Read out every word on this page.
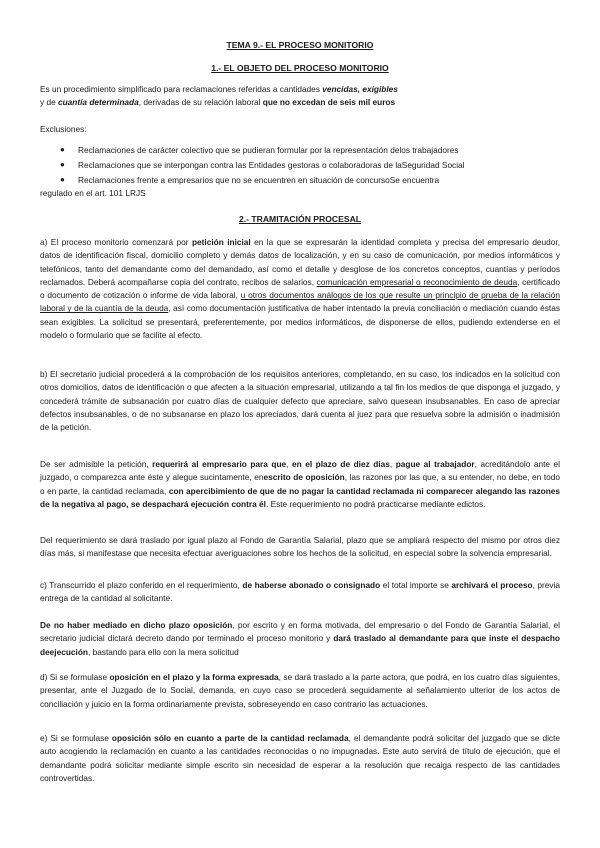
TEMA 9.- EL PROCESO MONITORIO
1.- EL OBJETO DEL PROCESO MONITORIO
Es un procedimiento simplificado para reclamaciones referidas a cantidades vencidas, exigibles
y de cuantía determinada, derivadas de su relación laboral que no excedan de seis mil euros
Exclusiones:
● Reclamaciones de carácter colectivo que se pudieran formular por la representación delos trabajadores
● Reclamaciones que se interpongan contra las Entidades gestoras o colaboradoras de laSeguridad Social
● Reclamaciones frente a empresarios que no se encuentren en situación de concursoSe encuentra
regulado en el art. 101 LRJS
2.- TRAMITACIÓN PROCESAL
a) El proceso monitorio comenzará por petición inicial en la que se expresarán la identidad completa y precisa del empresario deudor, datos de identificación fiscal, domicilio completo y demás datos de localización, y en su caso de comunicación, por medios informáticos y telefónicos, tanto del demandante como del demandado, así como el detalle y desglose de los concretos conceptos, cuantías y períodos reclamados. Deberá acompañarse copia del contrato, recibos de salarios, comunicación empresarial o reconocimiento de deuda, certificado o documento de cotización o informe de vida laboral, u otros documentos análogos de los que resulte un principio de prueba de la relación laboral y de la cuantía de la deuda, así como documentación justificativa de haber intentado la previa conciliación o mediación cuando éstas sean exigibles. La solicitud se presentará, preferentemente, por medios informáticos, de disponerse de ellos, pudiendo extenderse en el modelo o formulario que se facilite al efecto.
b) El secretario judicial procederá a la comprobación de los requisitos anteriores, completando, en su caso, los indicados en la solicitud con otros domicilios, datos de identificación o que afecten a la situación empresarial, utilizando a tal fin los medios de que disponga el juzgado, y concederá trámite de subsanación por cuatro días de cualquier defecto que apreciare, salvo quesean insubsanables. En caso de apreciar defectos insubsanables, o de no subsanarse en plazo los apreciados, dará cuenta al juez para que resuelva sobre la admisión o inadmisión de la petición.
De ser admisible la petición, requerirá al empresario para que, en el plazo de diez días, pague al trabajador, acreditándolo ante el juzgado, o comparezca ante éste y alegue sucintamente, enescrito de oposición, las razones por las que, a su entender, no debe, en todo o en parte, la cantidad reclamada, con apercibimiento de que de no pagar la cantidad reclamada ni comparecer alegando las razones de la negativa al pago, se despachará ejecución contra él. Este requerimiento no podrá practicarse mediante edictos.
Del requerimiento se dará traslado por igual plazo al Fondo de Garantía Salarial, plazo que se ampliará respecto del mismo por otros diez días más, si manifestase que necesita efectuar averiguaciones sobre los hechos de la solicitud, en especial sobre la solvencia empresarial.
c) Transcurrido el plazo conferido en el requerimiento, de haberse abonado o consignado el total importe se archivará el proceso, previa entrega de la cantidad al solicitante.
De no haber mediado en dicho plazo oposición, por escrito y en forma motivada, del empresario o del Fondo de Garantía Salarial, el secretario judicial dictará decreto dando por terminado el proceso monitorio y dará traslado al demandante para que inste el despacho deejecución, bastando para ello con la mera solicitud
d) Si se formulase oposición en el plazo y la forma expresada, se dará traslado a la parte actora, que podrá, en los cuatro días siguientes, presentar, ante el Juzgado de lo Social, demanda, en cuyo caso se procederá seguidamente al señalamiento ulterior de los actos de conciliación y juicio en la forma ordinariamente prevista, sobreseyendo en caso contrario las actuaciones.
e) Si se formulase oposición sólo en cuanto a parte de la cantidad reclamada, el demandante podrá solicitar del juzgado que se dicte auto acogiendo la reclamación en cuanto a las cantidades reconocidas o no impugnadas. Este auto servirá de título de ejecución, que el demandante podrá solicitar mediante simple escrito sin necesidad de esperar a la resolución que recaiga respecto de las cantidades controvertidas.
